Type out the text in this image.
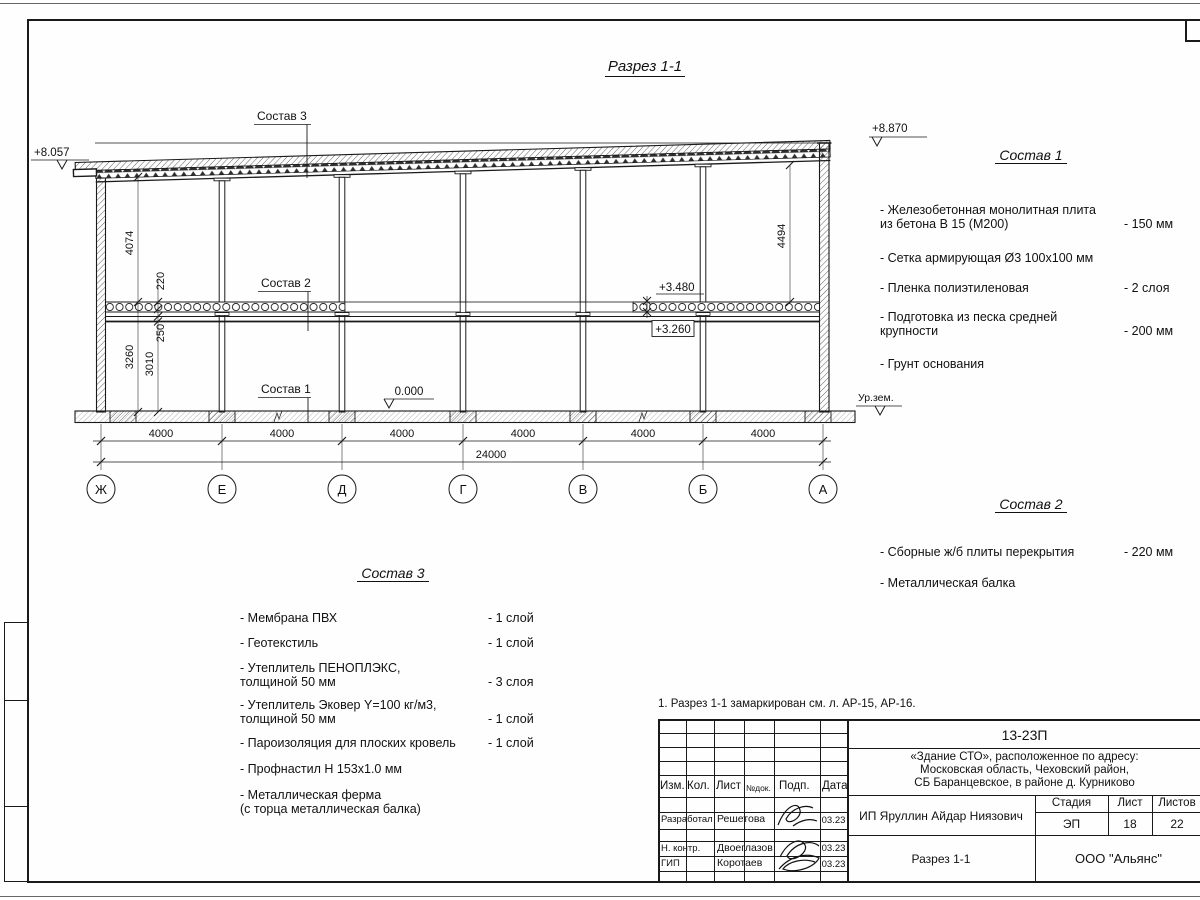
4000	4000	4000	4000	4000	4000
24000
Ж	Е	Д	Г	В	Б	А
4074
3260
220
250
3010
4494
+8.057
+8.870
+3.480
+3.260
0.000	Ур.зем.
Состав 3
Состав 2
Состав 1
Разрез 1-1
Состав 1
- Железобетонная монолитная плита
из бетона В 15 (М200)	- 150 мм
- Сетка армирующая Ø3 100х100 мм
- Пленка полиэтиленовая	- 2 слоя
- Подготовка из песка средней
крупности	- 200 мм
- Грунт основания
Состав 2
- Сборные ж/б плиты перекрытия	- 220 мм
- Металлическая балка
Состав 3
- Мембрана ПВХ	- 1 слой
- Геотекстиль	- 1 слой
- Утеплитель ПЕНОПЛЭКС,
толщиной 50 мм	- 3 слоя
- Утеплитель Эковер Y=100 кг/м3,
толщиной 50 мм	- 1 слой
- Пароизоляция для плоских кровель	- 1 слой
- Профнастил Н 153х1.0 мм
- Металлическая ферма
(с торца металлическая балка)
1. Разрез 1-1 замаркирован см. л. АР-15, АР-16.
13-23П
«Здание СТО», расположенное по адресу:
Московская область, Чеховский район,
СБ Баранцевское, в районе д. Курниково
Изм. Кол. Лист №док. Подп. Дата
Разработал Решетова	03.23
Н. контр. Двоеглазов	03.23
ГИП	Коротаев	03.23
ИП Яруллин Айдар Ниязович
Стадия	Лист	Листов
ЭП	18	22
Разрез 1-1	ООО "Альянс"
